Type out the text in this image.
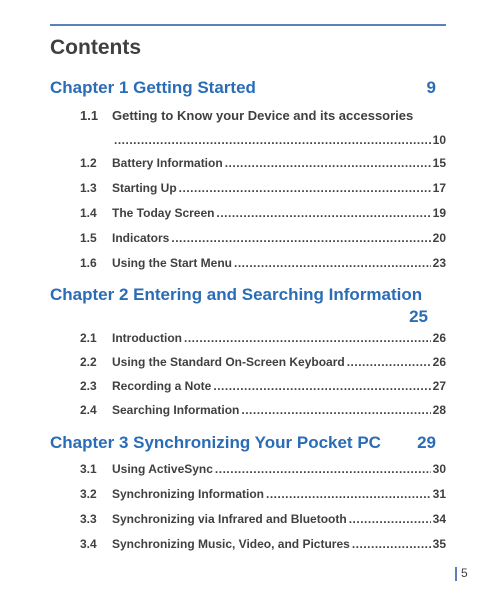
Contents
Chapter 1 Getting Started	9
1.1	Getting to Know your Device and its accessories
.....
10
1.2	Battery Information .....	15
1.3	Starting Up .....	17
1.4	The Today Screen .....	19
1.5	Indicators .....	20
1.6	Using the Start Menu .....	23
Chapter 2 Entering and Searching Information
25
2.1	Introduction .....	26
2.2	Using the Standard On-Screen Keyboard .....	26
2.3	Recording a Note .....	27
2.4	Searching Information .....	28
Chapter 3 Synchronizing Your Pocket PC 29
3.1	Using ActiveSync .....	30
3.2	Synchronizing Information .....	31
3.3	Synchronizing via Infrared and Bluetooth .....	34
3.4	Synchronizing Music, Video, and Pictures .....	35
5
